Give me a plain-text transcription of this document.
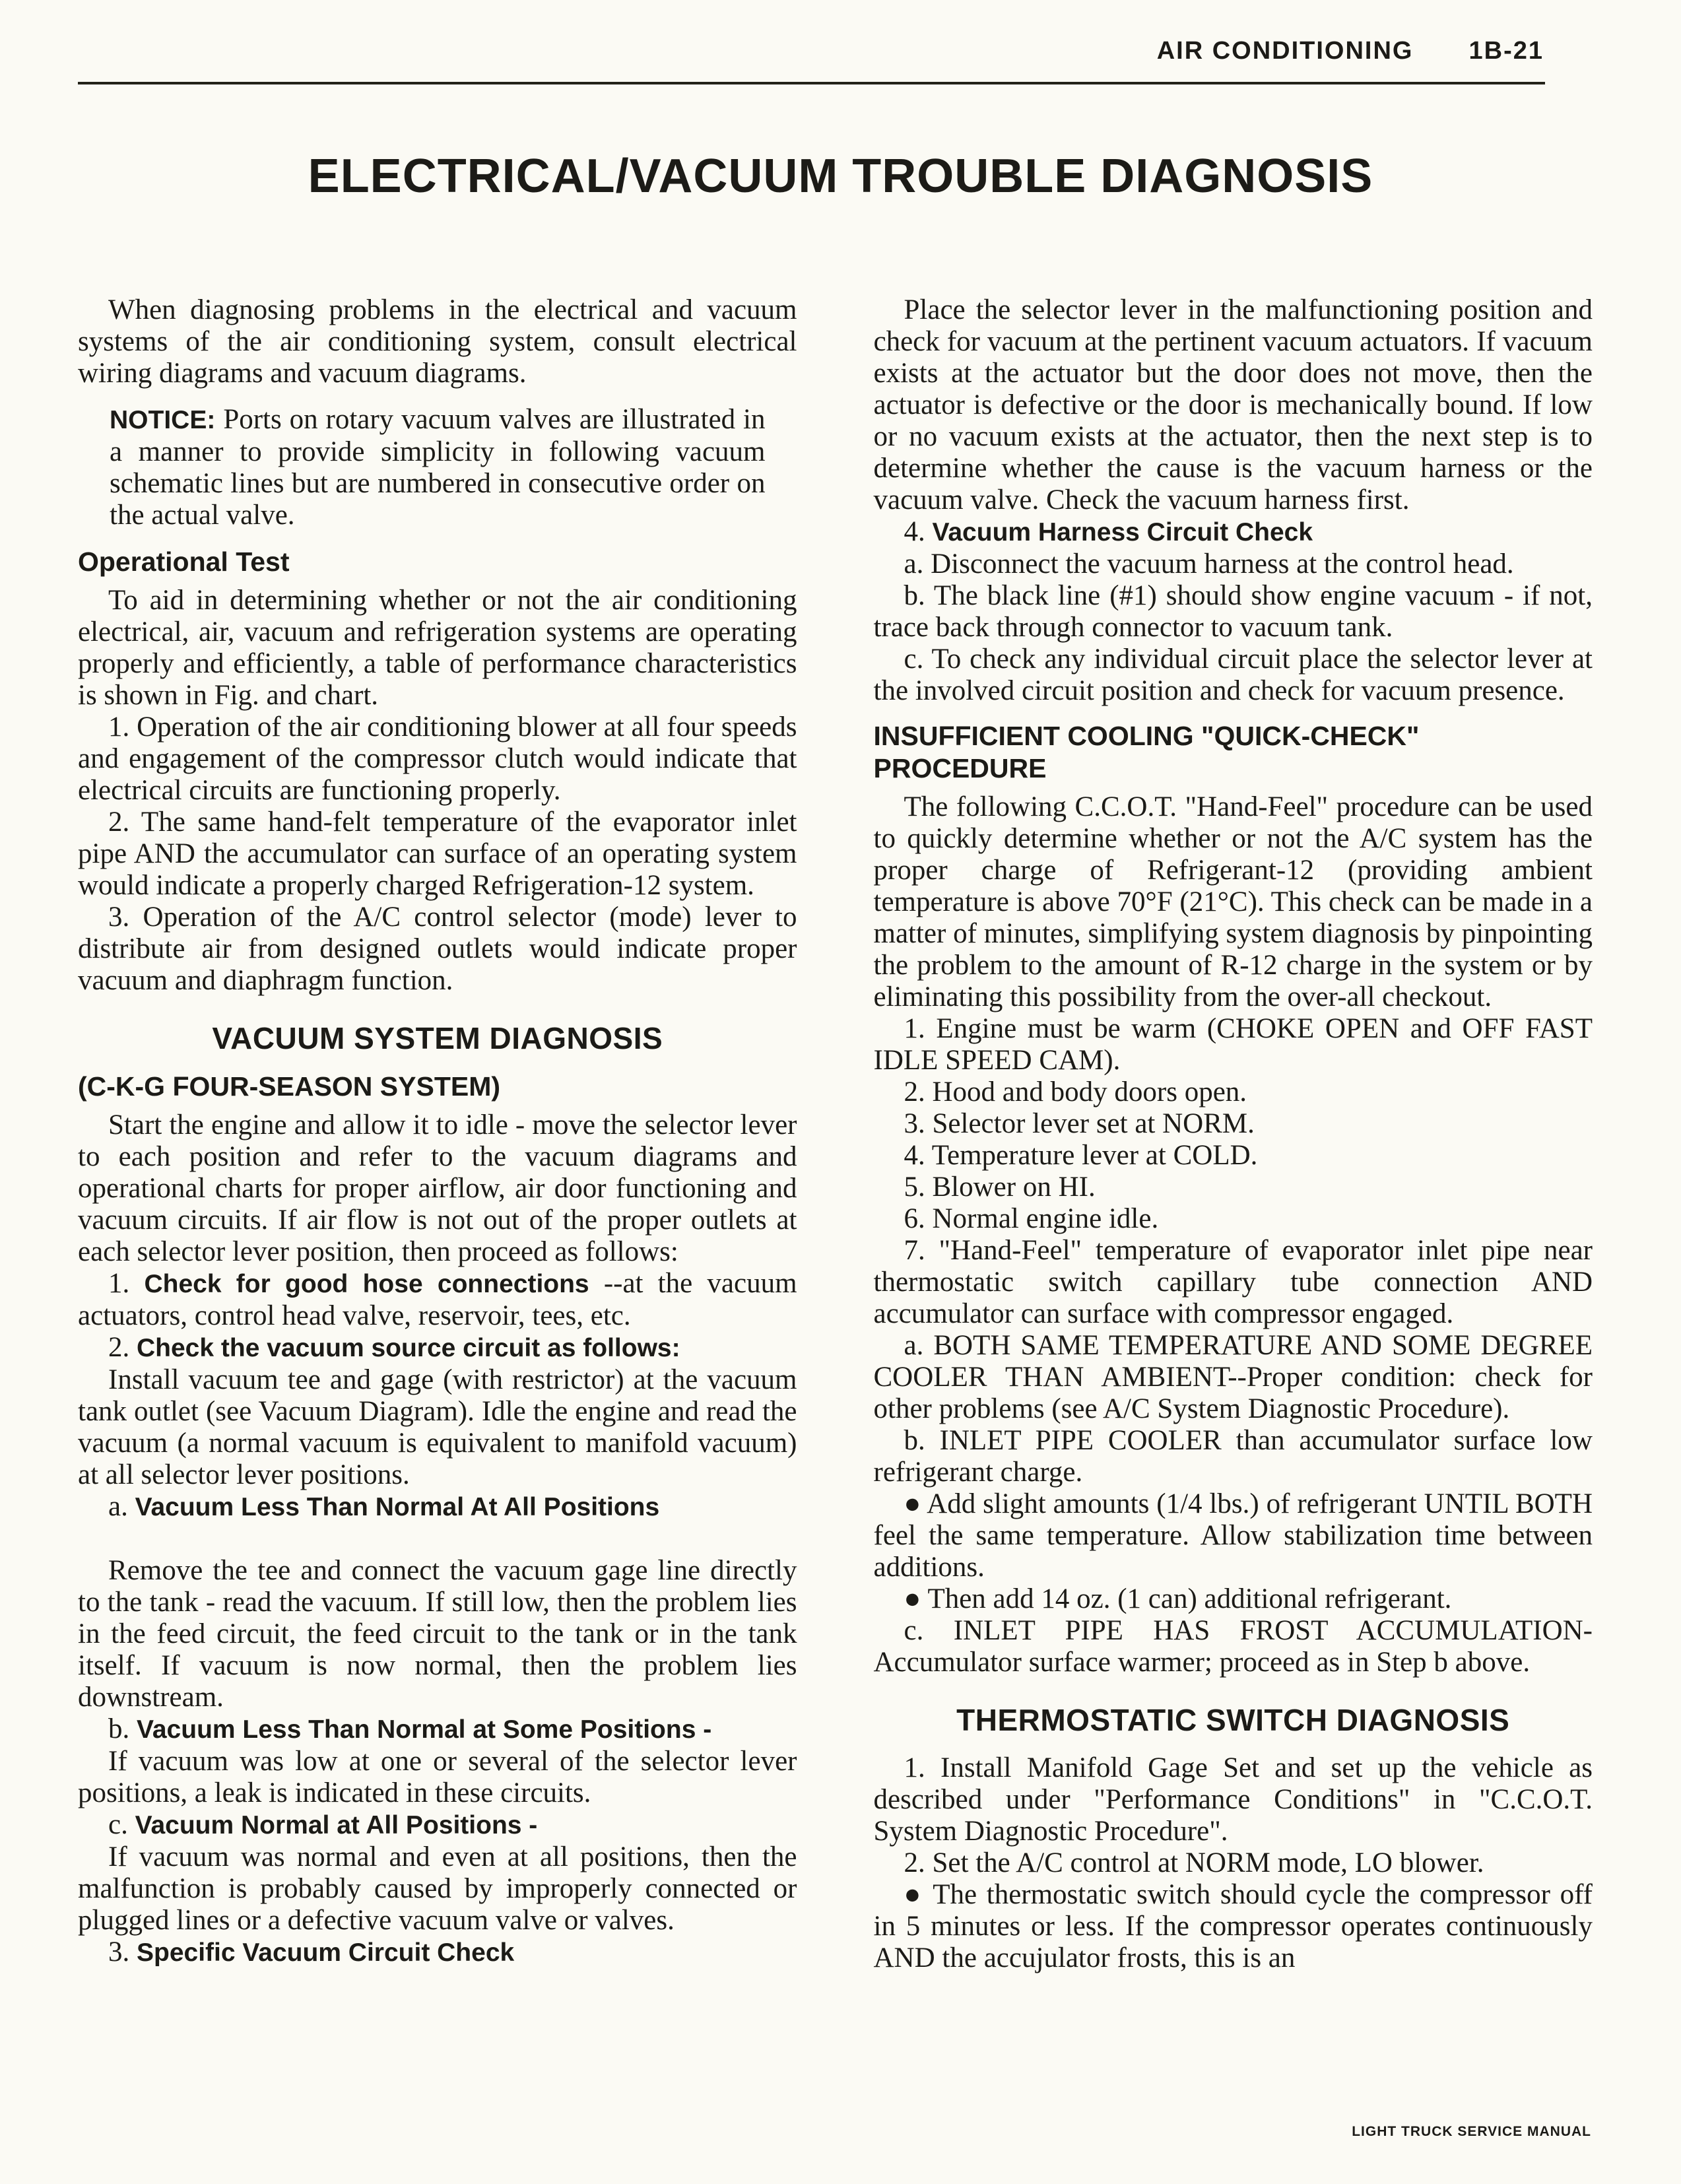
AIR CONDITIONING 1B-21
ELECTRICAL/VACUUM TROUBLE DIAGNOSIS

When diagnosing problems in the electrical and vacuum systems of the air conditioning system, consult electrical wiring diagrams and vacuum diagrams.

NOTICE: Ports on rotary vacuum valves are illustrated in a manner to provide simplicity in following vacuum schematic lines but are numbered in consecutive order on the actual valve.

Operational Test

To aid in determining whether or not the air conditioning electrical, air, vacuum and refrigeration systems are operating properly and efficiently, a table of performance characteristics is shown in Fig. and chart.

1. Operation of the air conditioning blower at all four speeds and engagement of the compressor clutch would indicate that electrical circuits are functioning properly.

2. The same hand-felt temperature of the evaporator inlet pipe AND the accumulator can surface of an operating system would indicate a properly charged Refrigeration-12 system.

3. Operation of the A/C control selector (mode) lever to distribute air from designed outlets would indicate proper vacuum and diaphragm function.

VACUUM SYSTEM DIAGNOSIS
(C-K-G FOUR-SEASON SYSTEM)

Start the engine and allow it to idle - move the selector lever to each position and refer to the vacuum diagrams and operational charts for proper airflow, air door functioning and vacuum circuits. If air flow is not out of the proper outlets at each selector lever position, then proceed as follows:

1. Check for good hose connections --at the vacuum actuators, control head valve, reservoir, tees, etc.

2. Check the vacuum source circuit as follows:

Install vacuum tee and gage (with restrictor) at the vacuum tank outlet (see Vacuum Diagram). Idle the engine and read the vacuum (a normal vacuum is equivalent to manifold vacuum) at all selector lever positions.

a. Vacuum Less Than Normal At All Positions

Remove the tee and connect the vacuum gage line directly to the tank - read the vacuum. If still low, then the problem lies in the feed circuit, the feed circuit to the tank or in the tank itself. If vacuum is now normal, then the problem lies downstream.

b. Vacuum Less Than Normal at Some Positions -

If vacuum was low at one or several of the selector lever positions, a leak is indicated in these circuits.

c. Vacuum Normal at All Positions -

If vacuum was normal and even at all positions, then the malfunction is probably caused by improperly connected or plugged lines or a defective vacuum valve or valves.

3. Specific Vacuum Circuit Check

Place the selector lever in the malfunctioning position and check for vacuum at the pertinent vacuum actuators. If vacuum exists at the actuator but the door does not move, then the actuator is defective or the door is mechanically bound. If low or no vacuum exists at the actuator, then the next step is to determine whether the cause is the vacuum harness or the vacuum valve. Check the vacuum harness first.

4. Vacuum Harness Circuit Check

a. Disconnect the vacuum harness at the control head.

b. The black line (#1) should show engine vacuum - if not, trace back through connector to vacuum tank.

c. To check any individual circuit place the selector lever at the involved circuit position and check for vacuum presence.

INSUFFICIENT COOLING "QUICK-CHECK" PROCEDURE

The following C.C.O.T. "Hand-Feel" procedure can be used to quickly determine whether or not the A/C system has the proper charge of Refrigerant-12 (providing ambient temperature is above 70°F (21°C). This check can be made in a matter of minutes, simplifying system diagnosis by pinpointing the problem to the amount of R-12 charge in the system or by eliminating this possibility from the over-all checkout.

1. Engine must be warm (CHOKE OPEN and OFF FAST IDLE SPEED CAM).

2. Hood and body doors open.

3. Selector lever set at NORM.

4. Temperature lever at COLD.

5. Blower on HI.

6. Normal engine idle.

7. "Hand-Feel" temperature of evaporator inlet pipe near thermostatic switch capillary tube connection AND accumulator can surface with compressor engaged.

a. BOTH SAME TEMPERATURE AND SOME DEGREE COOLER THAN AMBIENT--Proper condition: check for other problems (see A/C System Diagnostic Procedure).

b. INLET PIPE COOLER than accumulator surface low refrigerant charge.

● Add slight amounts (1/4 lbs.) of refrigerant UNTIL BOTH feel the same temperature. Allow stabilization time between additions.

● Then add 14 oz. (1 can) additional refrigerant.

c. INLET PIPE HAS FROST ACCUMULATION- Accumulator surface warmer; proceed as in Step b above.

THERMOSTATIC SWITCH DIAGNOSIS

1. Install Manifold Gage Set and set up the vehicle as described under "Performance Conditions" in "C.C.O.T. System Diagnostic Procedure".

2. Set the A/C control at NORM mode, LO blower.

● The thermostatic switch should cycle the compressor off in 5 minutes or less. If the compressor operates continuously AND the accujulator frosts, this is an

LIGHT TRUCK SERVICE MANUAL
